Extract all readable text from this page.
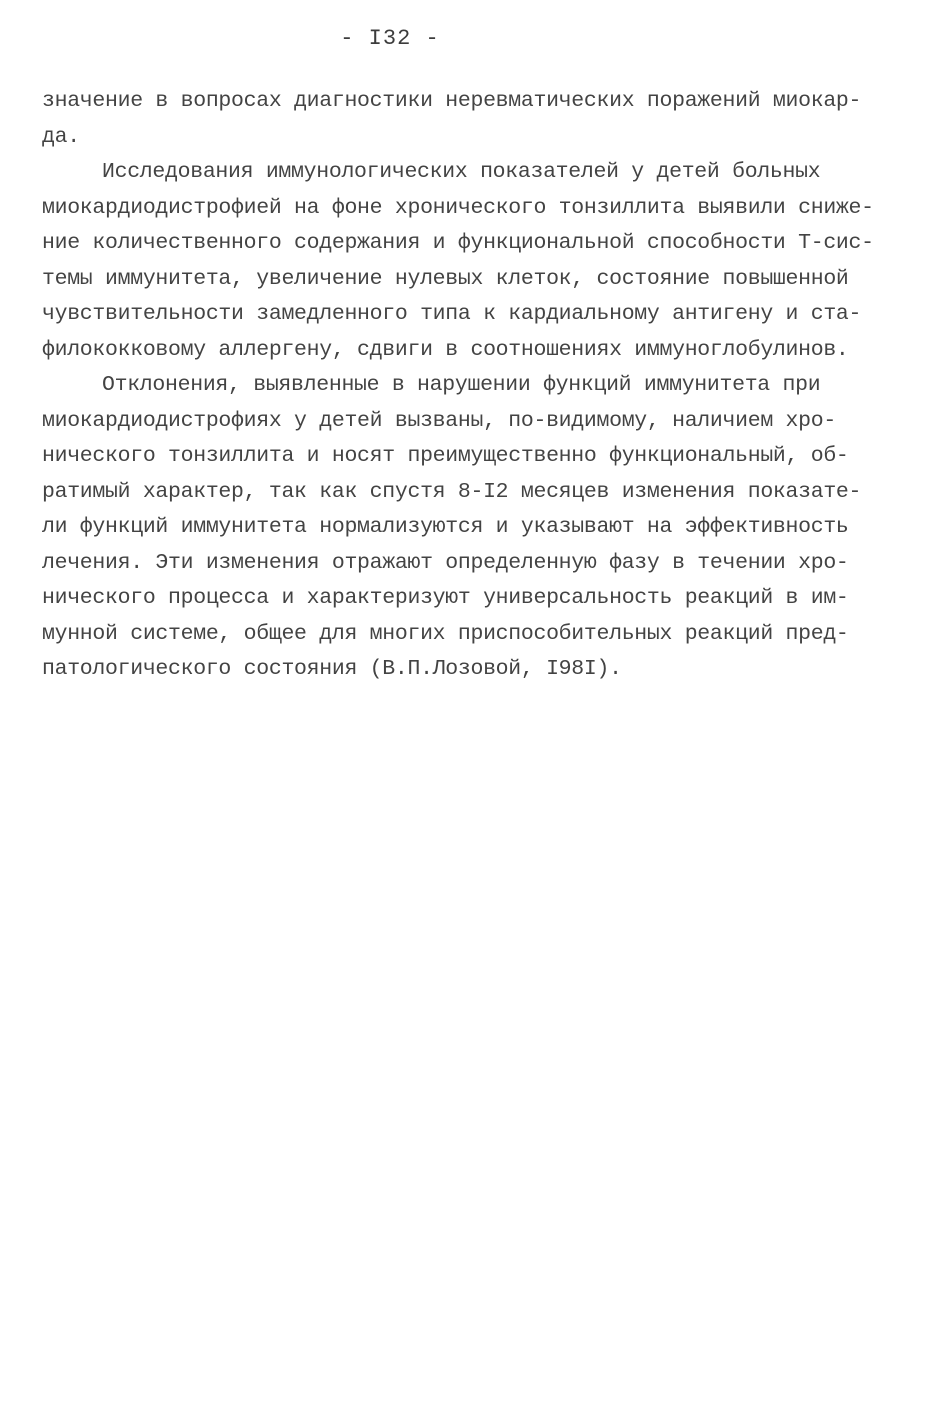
- I32 -
значение в вопросах диагностики неревматических поражений миокар-
да.
Исследования иммунологических показателей у детей больных
миокардиодистрофией на фоне хронического тонзиллита выявили сниже-
ние количественного содержания и функциональной способности Т-сис-
темы иммунитета, увеличение нулевых клеток, состояние повышенной
чувствительности замедленного типа к кардиальному антигену и ста-
филококковому аллергену, сдвиги в соотношениях иммуноглобулинов.
Отклонения, выявленные в нарушении функций иммунитета при
миокардиодистрофиях у детей вызваны, по-видимому, наличием хро-
нического тонзиллита и носят преимущественно функциональный, об-
ратимый характер, так как спустя 8-I2 месяцев изменения показате-
ли функций иммунитета нормализуются и указывают на эффективность
лечения. Эти изменения отражают определенную фазу в течении хро-
нического процесса и характеризуют универсальность реакций в им-
мунной системе, общее для многих приспособительных реакций пред-
патологического состояния (В.П.Лозовой, I98I).
